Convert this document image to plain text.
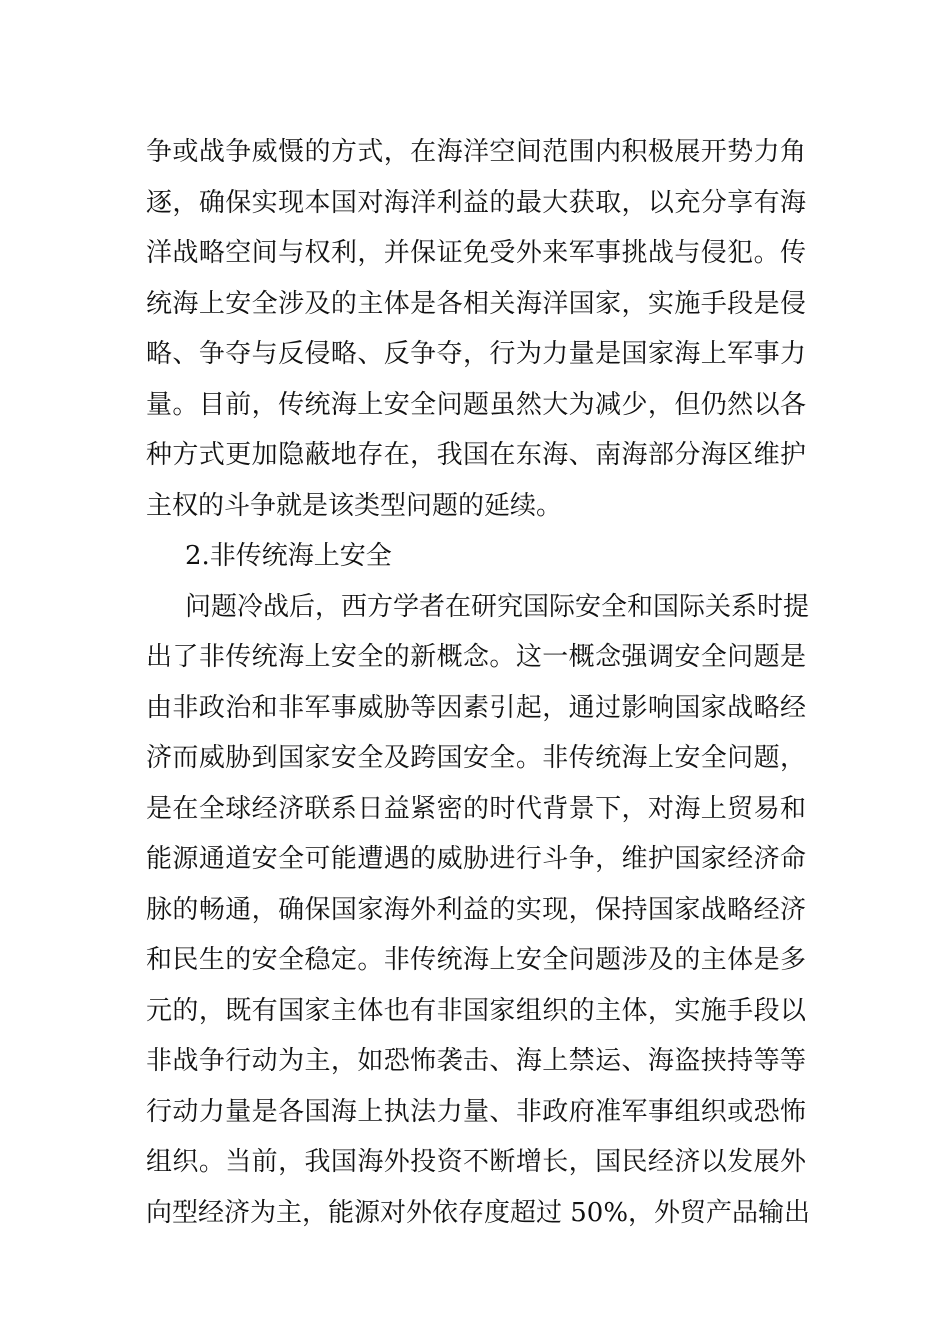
争或战争威慑的方式，在海洋空间范围内积极展开势力角
逐，确保实现本国对海洋利益的最大获取，以充分享有海
洋战略空间与权利，并保证免受外来军事挑战与侵犯。传
统海上安全涉及的主体是各相关海洋国家，实施手段是侵
略、争夺与反侵略、反争夺，行为力量是国家海上军事力
量。目前，传统海上安全问题虽然大为减少，但仍然以各
种方式更加隐蔽地存在，我国在东海、南海部分海区维护
主权的斗争就是该类型问题的延续。
2.非传统海上安全
问题冷战后，西方学者在研究国际安全和国际关系时提
出了非传统海上安全的新概念。这一概念强调安全问题是
由非政治和非军事威胁等因素引起，通过影响国家战略经
济而威胁到国家安全及跨国安全。非传统海上安全问题，
是在全球经济联系日益紧密的时代背景下，对海上贸易和
能源通道安全可能遭遇的威胁进行斗争，维护国家经济命
脉的畅通，确保国家海外利益的实现，保持国家战略经济
和民生的安全稳定。非传统海上安全问题涉及的主体是多
元的，既有国家主体也有非国家组织的主体，实施手段以
非战争行动为主，如恐怖袭击、海上禁运、海盗挟持等等
行动力量是各国海上执法力量、非政府准军事组织或恐怖
组织。当前，我国海外投资不断增长，国民经济以发展外
向型经济为主，能源对外依存度超过 50%，外贸产品输出
